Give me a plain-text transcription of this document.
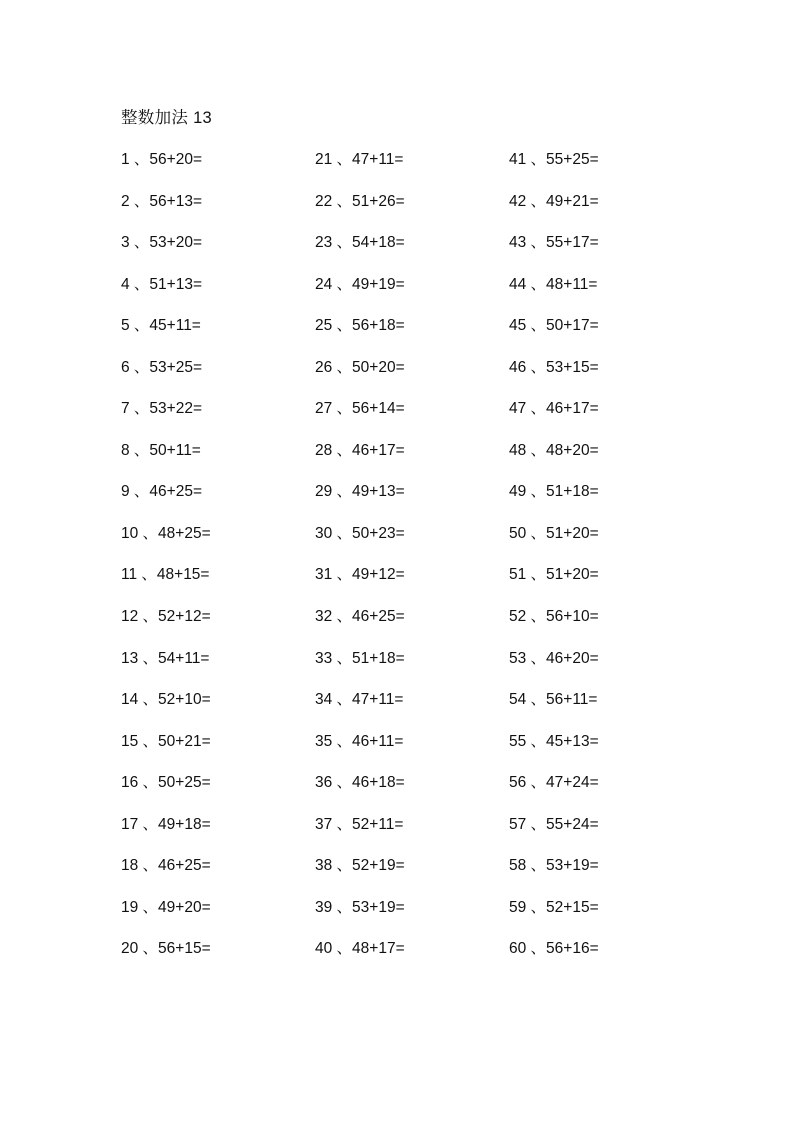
整数加法 13
1 、56+20=
2 、56+13=
3 、53+20=
4 、51+13=
5 、45+11=
6 、53+25=
7 、53+22=
8 、50+11=
9 、46+25=
10 、48+25=
11 、48+15=
12 、52+12=
13 、54+11=
14 、52+10=
15 、50+21=
16 、50+25=
17 、49+18=
18 、46+25=
19 、49+20=
20 、56+15=
21 、47+11=
22 、51+26=
23 、54+18=
24 、49+19=
25 、56+18=
26 、50+20=
27 、56+14=
28 、46+17=
29 、49+13=
30 、50+23=
31 、49+12=
32 、46+25=
33 、51+18=
34 、47+11=
35 、46+11=
36 、46+18=
37 、52+11=
38 、52+19=
39 、53+19=
40 、48+17=
41 、55+25=
42 、49+21=
43 、55+17=
44 、48+11=
45 、50+17=
46 、53+15=
47 、46+17=
48 、48+20=
49 、51+18=
50 、51+20=
51 、51+20=
52 、56+10=
53 、46+20=
54 、56+11=
55 、45+13=
56 、47+24=
57 、55+24=
58 、53+19=
59 、52+15=
60 、56+16=
